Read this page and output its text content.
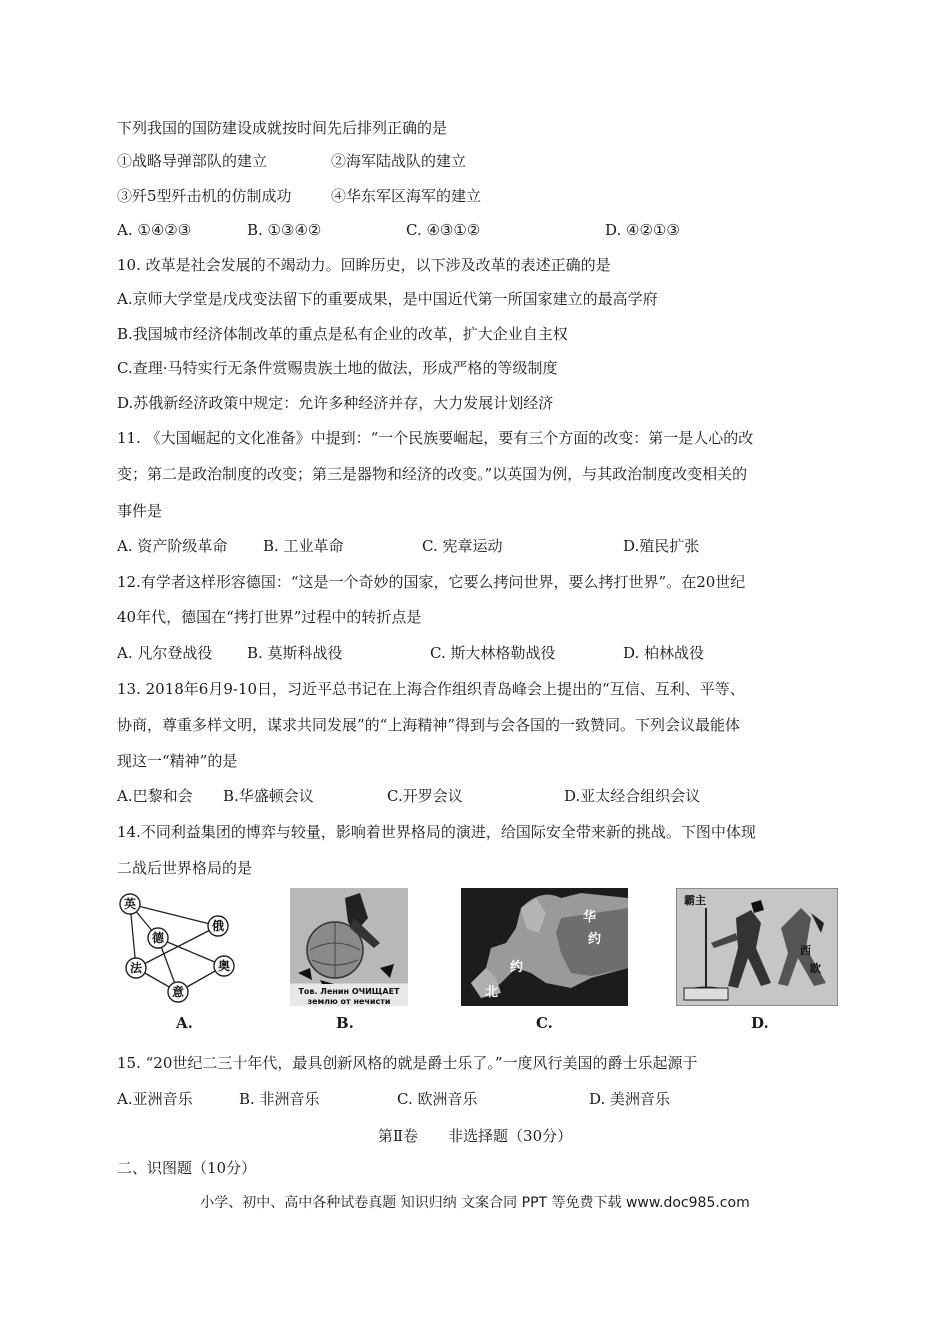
下列我国的国防建设成就按时间先后排列正确的是
①战略导弹部队的建立	②海军陆战队的建立
③歼5型歼击机的仿制成功	④华东军区海军的建立
A. ①④②③	B. ①③④②	C. ④③①②	D. ④②①③
10. 改革是社会发展的不竭动力。回眸历史，以下涉及改革的表述正确的是
A.京师大学堂是戊戌变法留下的重要成果，是中国近代第一所国家建立的最高学府
B.我国城市经济体制改革的重点是私有企业的改革，扩大企业自主权
C.查理·马特实行无条件赏赐贵族土地的做法，形成严格的等级制度
D.苏俄新经济政策中规定：允许多种经济并存，大力发展计划经济
11. 《大国崛起的文化准备》中提到：“一个民族要崛起，要有三个方面的改变：第一是人心的改
变；第二是政治制度的改变；第三是器物和经济的改变。”以英国为例，与其政治制度改变相关的
事件是
A. 资产阶级革命 B. 工业革命	C. 宪章运动	D.殖民扩张
12.有学者这样形容德国：“这是一个奇妙的国家，它要么拷问世界，要么拷打世界”。在20世纪
40年代，德国在“拷打世界”过程中的转折点是
A. 凡尔登战役 B. 莫斯科战役	C. 斯大林格勒战役	D. 柏林战役
13. 2018年6月9-10日，习近平总书记在上海合作组织青岛峰会上提出的“互信、互利、平等、
协商，尊重多样文明，谋求共同发展”的“上海精神”得到与会各国的一致赞同。下列会议最能体
现这一“精神”的是
A.巴黎和会 B.华盛顿会议	C.开罗会议	D.亚太经合组织会议
14.不同利益集团的博弈与较量，影响着世界格局的演进，给国际安全带来新的挑战。下图中体现
二战后世界格局的是
英
俄
德
法	奥
意
A.
Тов. Ленин ОЧИЩАЕТ
землю от нечисти
B.
华
约
约
北
C.
霸主
西
欧
D.
15. “20世纪二三十年代，最具创新风格的就是爵士乐了。”一度风行美国的爵士乐起源于
A.亚洲音乐	B. 非洲音乐	C. 欧洲音乐	D. 美洲音乐
第Ⅱ卷　　非选择题（30分）
二、识图题（10分）
小学、初中、高中各种试卷真题 知识归纳 文案合同 PPT 等免费下载 www.doc985.com
